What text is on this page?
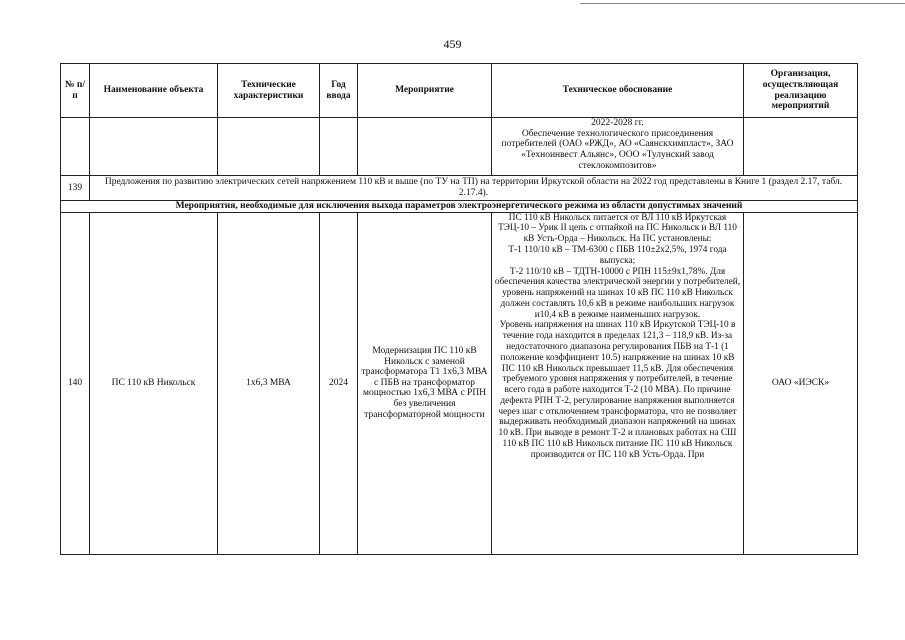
459
№ п/п	Наименование объекта	Технические характеристики	Год ввода	Мероприятие	Техническое обоснование	Организация, осуществляющая реализацию мероприятий
					2022-2028 гг.
Обеспечение технологического присоединения потребителей (ОАО «РЖД», АО «Саянскхимпласт», ЗАО «Техноинвест Альянс», ООО «Тулунский завод стеклокомпозитов»	
139	Предложения по развитию электрических сетей напряжением 110 кВ и выше (по ТУ на ТП) на территории Иркутской области на 2022 год представлены в Книге 1 (раздел 2.17, табл. 2.17.4).					
Мероприятия, необходимые для исключения выхода параметров электроэнергетического режима из области допустимых значений						
140	ПС 110 кВ Никольск	1х6,3 МВА	2024	Модернизация ПС 110 кВ Никольск с заменой трансформатора Т1 1х6,3 МВА с ПБВ на трансформатор мощностью 1х6,3 МВА с РПН без увеличения трансформаторной мощности	ПС 110 кВ Никольск питается от ВЛ 110 кВ Иркутская ТЭЦ-10 – Урик II цепь с отпайкой на ПС Никольск и ВЛ 110 кВ Усть-Орда – Никольск. На ПС установлены:
Т-1 110/10 кВ – ТМ-6300 с ПБВ 110±2х2,5%, 1974 года выпуска;
Т-2 110/10 кВ – ТДТН-10000 с РПН 115±9х1,78%. Для обеспечения качества электрической энергии у потребителей, уровень напряжений на шинах 10 кВ ПС 110 кВ Никольск должен составлять 10,6 кВ в режиме наибольших нагрузок и10,4 кВ в режиме наименьших нагрузок.
Уровень напряжения на шинах 110 кВ Иркутской ТЭЦ-10 в течение года находится в пределах 121,3 – 118,9 кВ. Из-за недостаточного диапазона регулирования ПБВ на Т-1 (1 положение коэффициент 10.5) напряжение на шинах 10 кВ ПС 110 кВ Никольск превышает 11,5 кВ. Для обеспечения требуемого уровня напряжения у потребителей, в течение всего года в работе находится Т-2 (10 МВА). По причине дефекта РПН Т-2, регулирование напряжения выполняется через шаг с отключением трансформатора, что не позволяет выдерживать необходимый диапазон напряжений на шинах 10 кВ. При выводе в ремонт Т-2 и плановых работах на СШ 110 кВ ПС 110 кВ Никольск питание ПС 110 кВ Никольск производится от ПС 110 кВ Усть-Орда. При	ОАО «ИЭСК»
